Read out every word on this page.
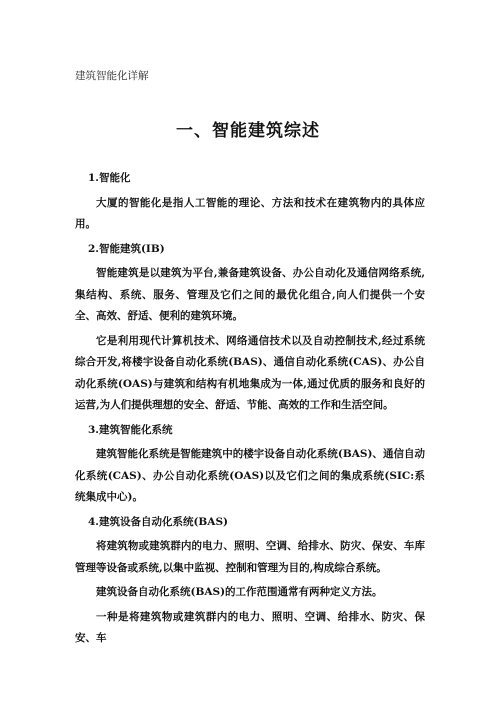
建筑智能化详解
一、智能建筑综述

1.智能化

大厦的智能化是指人工智能的理论、方法和技术在建筑物内的具体应用。

2.智能建筑(IB)

智能建筑是以建筑为平台,兼备建筑设备、办公自动化及通信网络系统,集结构、系统、服务、管理及它们之间的最优化组合,向人们提供一个安全、高效、舒适、便利的建筑环境。

它是利用现代计算机技术、网络通信技术以及自动控制技术,经过系统综合开发,将楼宇设备自动化系统(BAS)、通信自动化系统(CAS)、办公自动化系统(OAS)与建筑和结构有机地集成为一体,通过优质的服务和良好的运营,为人们提供理想的安全、舒适、节能、高效的工作和生活空间。

3.建筑智能化系统

建筑智能化系统是智能建筑中的楼宇设备自动化系统(BAS)、通信自动化系统(CAS)、办公自动化系统(OAS)以及它们之间的集成系统(SIC:系统集成中心)。

4.建筑设备自动化系统(BAS)

将建筑物或建筑群内的电力、照明、空调、给排水、防灾、保安、车库管理等设备或系统,以集中监视、控制和管理为目的,构成综合系统。

建筑设备自动化系统(BAS)的工作范围通常有两种定义方法。

一种是将建筑物或建筑群内的电力、照明、空调、给排水、防灾、保安、车
